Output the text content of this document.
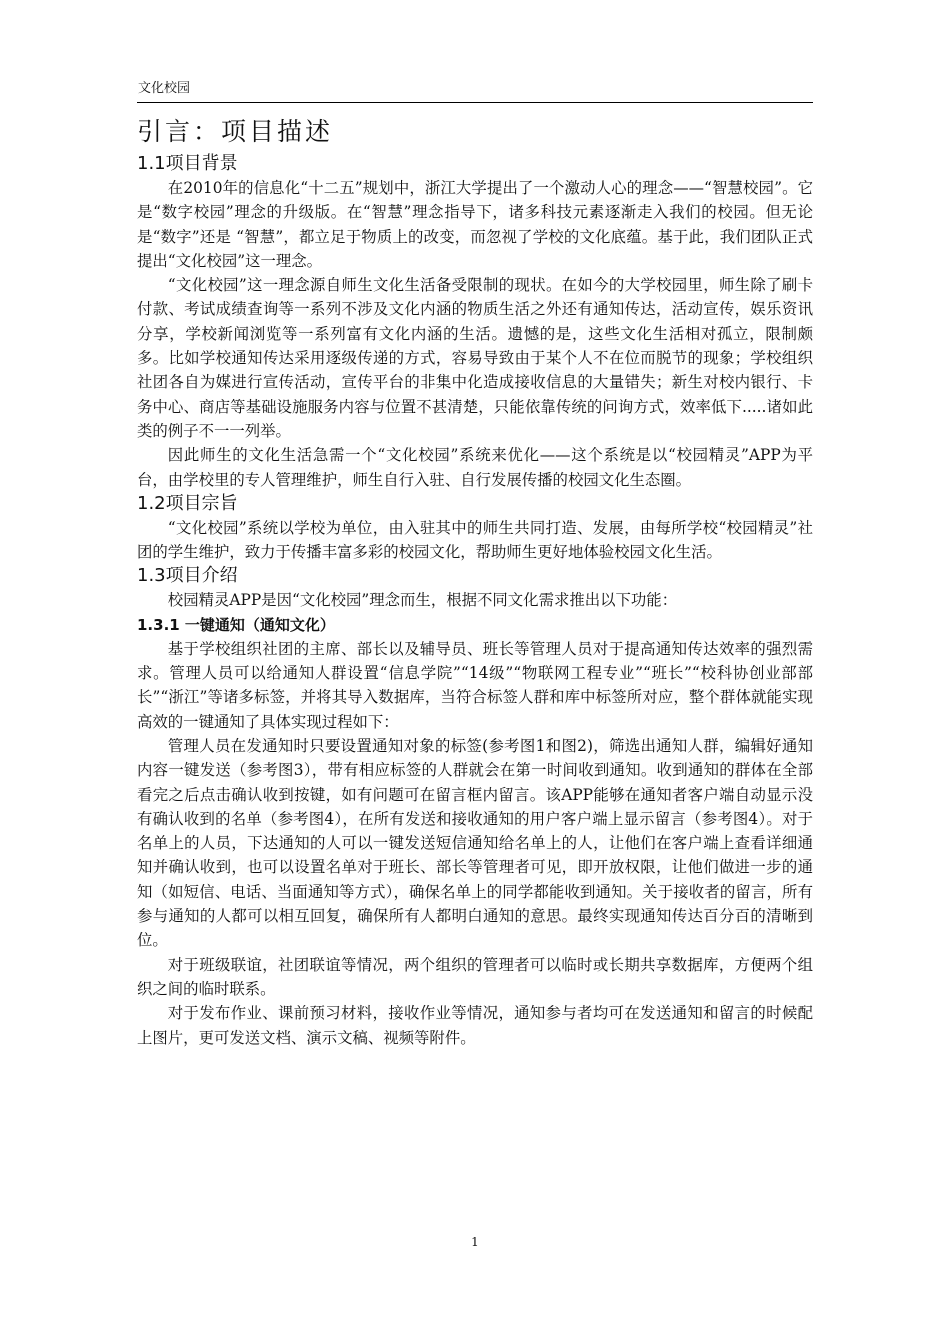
文化校园
引言：项目描述
1.1项目背景

在2010年的信息化“十二五”规划中，浙江大学提出了一个激动人心的理念——“智慧校园”。它是“数字校园”理念的升级版。在“智慧”理念指导下，诸多科技元素逐渐走入我们的校园。但无论是“数字”还是 “智慧”，都立足于物质上的改变，而忽视了学校的文化底蕴。基于此，我们团队正式提出“文化校园”这一理念。

“文化校园”这一理念源自师生文化生活备受限制的现状。在如今的大学校园里，师生除了刷卡付款、考试成绩查询等一系列不涉及文化内涵的物质生活之外还有通知传达，活动宣传，娱乐资讯分享，学校新闻浏览等一系列富有文化内涵的生活。遗憾的是，这些文化生活相对孤立，限制颇多。比如学校通知传达采用逐级传递的方式，容易导致由于某个人不在位而脱节的现象；学校组织社团各自为媒进行宣传活动，宣传平台的非集中化造成接收信息的大量错失；新生对校内银行、卡务中心、商店等基础设施服务内容与位置不甚清楚，只能依靠传统的问询方式，效率低下.....诸如此类的例子不一一列举。

因此师生的文化生活急需一个“文化校园”系统来优化——这个系统是以“校园精灵”APP为平台，由学校里的专人管理维护，师生自行入驻、自行发展传播的校园文化生态圈。

1.2项目宗旨

“文化校园”系统以学校为单位，由入驻其中的师生共同打造、发展，由每所学校“校园精灵”社团的学生维护，致力于传播丰富多彩的校园文化，帮助师生更好地体验校园文化生活。

1.3项目介绍

校园精灵APP是因“文化校园”理念而生，根据不同文化需求推出以下功能：

1.3.1 一键通知（通知文化）

基于学校组织社团的主席、部长以及辅导员、班长等管理人员对于提高通知传达效率的强烈需求。管理人员可以给通知人群设置“信息学院”“14级”“物联网工程专业”“班长”“校科协创业部部长”“浙江”等诸多标签，并将其导入数据库，当符合标签人群和库中标签所对应，整个群体就能实现高效的一键通知了具体实现过程如下：

管理人员在发通知时只要设置通知对象的标签(参考图1和图2)，筛选出通知人群，编辑好通知内容一键发送（参考图3），带有相应标签的人群就会在第一时间收到通知。收到通知的群体在全部看完之后点击确认收到按键，如有问题可在留言框内留言。该APP能够在通知者客户端自动显示没有确认收到的名单（参考图4），在所有发送和接收通知的用户客户端上显示留言（参考图4）。对于名单上的人员，下达通知的人可以一键发送短信通知给名单上的人，让他们在客户端上查看详细通知并确认收到，也可以设置名单对于班长、部长等管理者可见，即开放权限，让他们做进一步的通知（如短信、电话、当面通知等方式），确保名单上的同学都能收到通知。关于接收者的留言，所有参与通知的人都可以相互回复，确保所有人都明白通知的意思。最终实现通知传达百分百的清晰到位。

对于班级联谊，社团联谊等情况，两个组织的管理者可以临时或长期共享数据库，方便两个组织之间的临时联系。

对于发布作业、课前预习材料，接收作业等情况，通知参与者均可在发送通知和留言的时候配上图片，更可发送文档、演示文稿、视频等附件。

1
